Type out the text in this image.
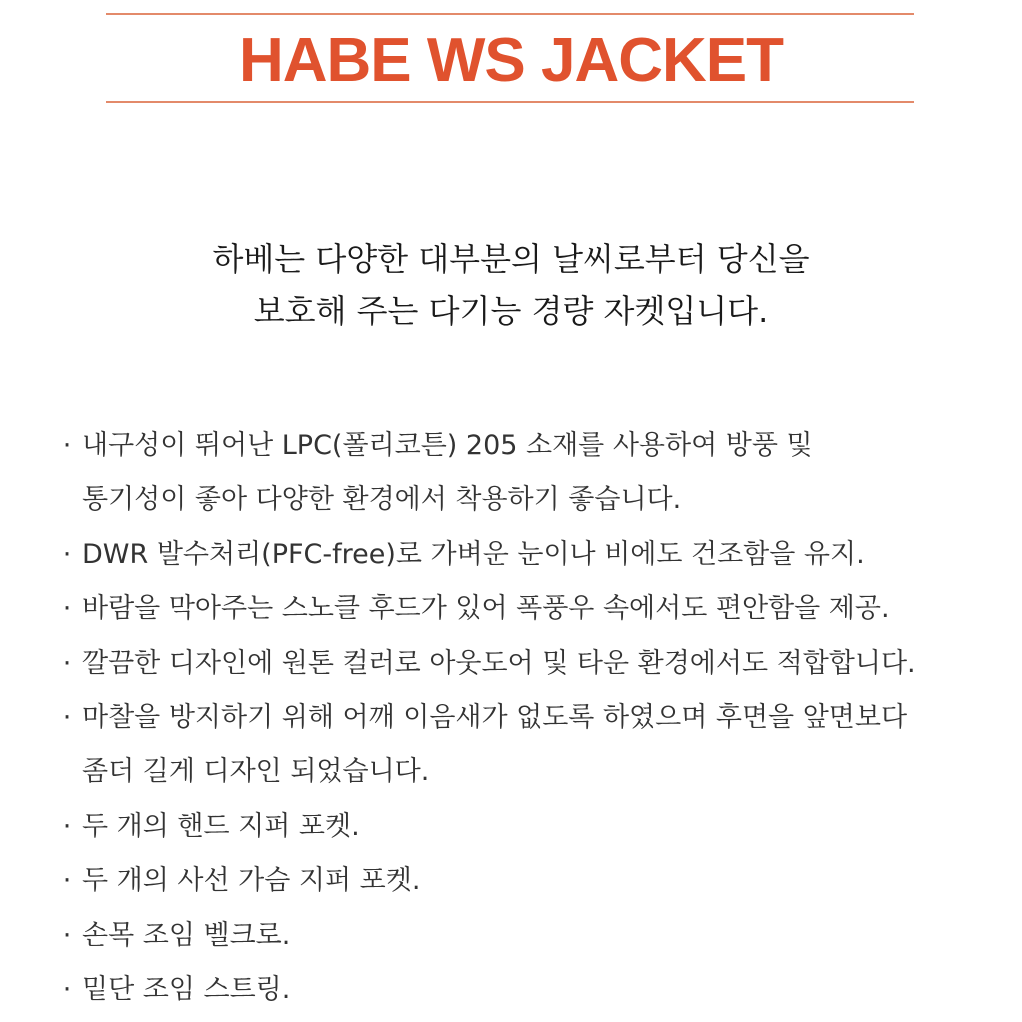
HABE WS JACKET
하베는 다양한 대부분의 날씨로부터 당신을
보호해 주는 다기능 경량 자켓입니다.
· 내구성이 뛰어난 LPC(폴리코튼) 205 소재를 사용하여 방풍 및
통기성이 좋아 다양한 환경에서 착용하기 좋습니다.
· DWR 발수처리(PFC-free)로 가벼운 눈이나 비에도 건조함을 유지.
· 바람을 막아주는 스노클 후드가 있어 폭풍우 속에서도 편안함을 제공.
· 깔끔한 디자인에 원톤 컬러로 아웃도어 및 타운 환경에서도 적합합니다.
· 마찰을 방지하기 위해 어깨 이음새가 없도록 하였으며 후면을 앞면보다
좀더 길게 디자인 되었습니다.
· 두 개의 핸드 지퍼 포켓.
· 두 개의 사선 가슴 지퍼 포켓.
· 손목 조임 벨크로.
· 밑단 조임 스트링.
